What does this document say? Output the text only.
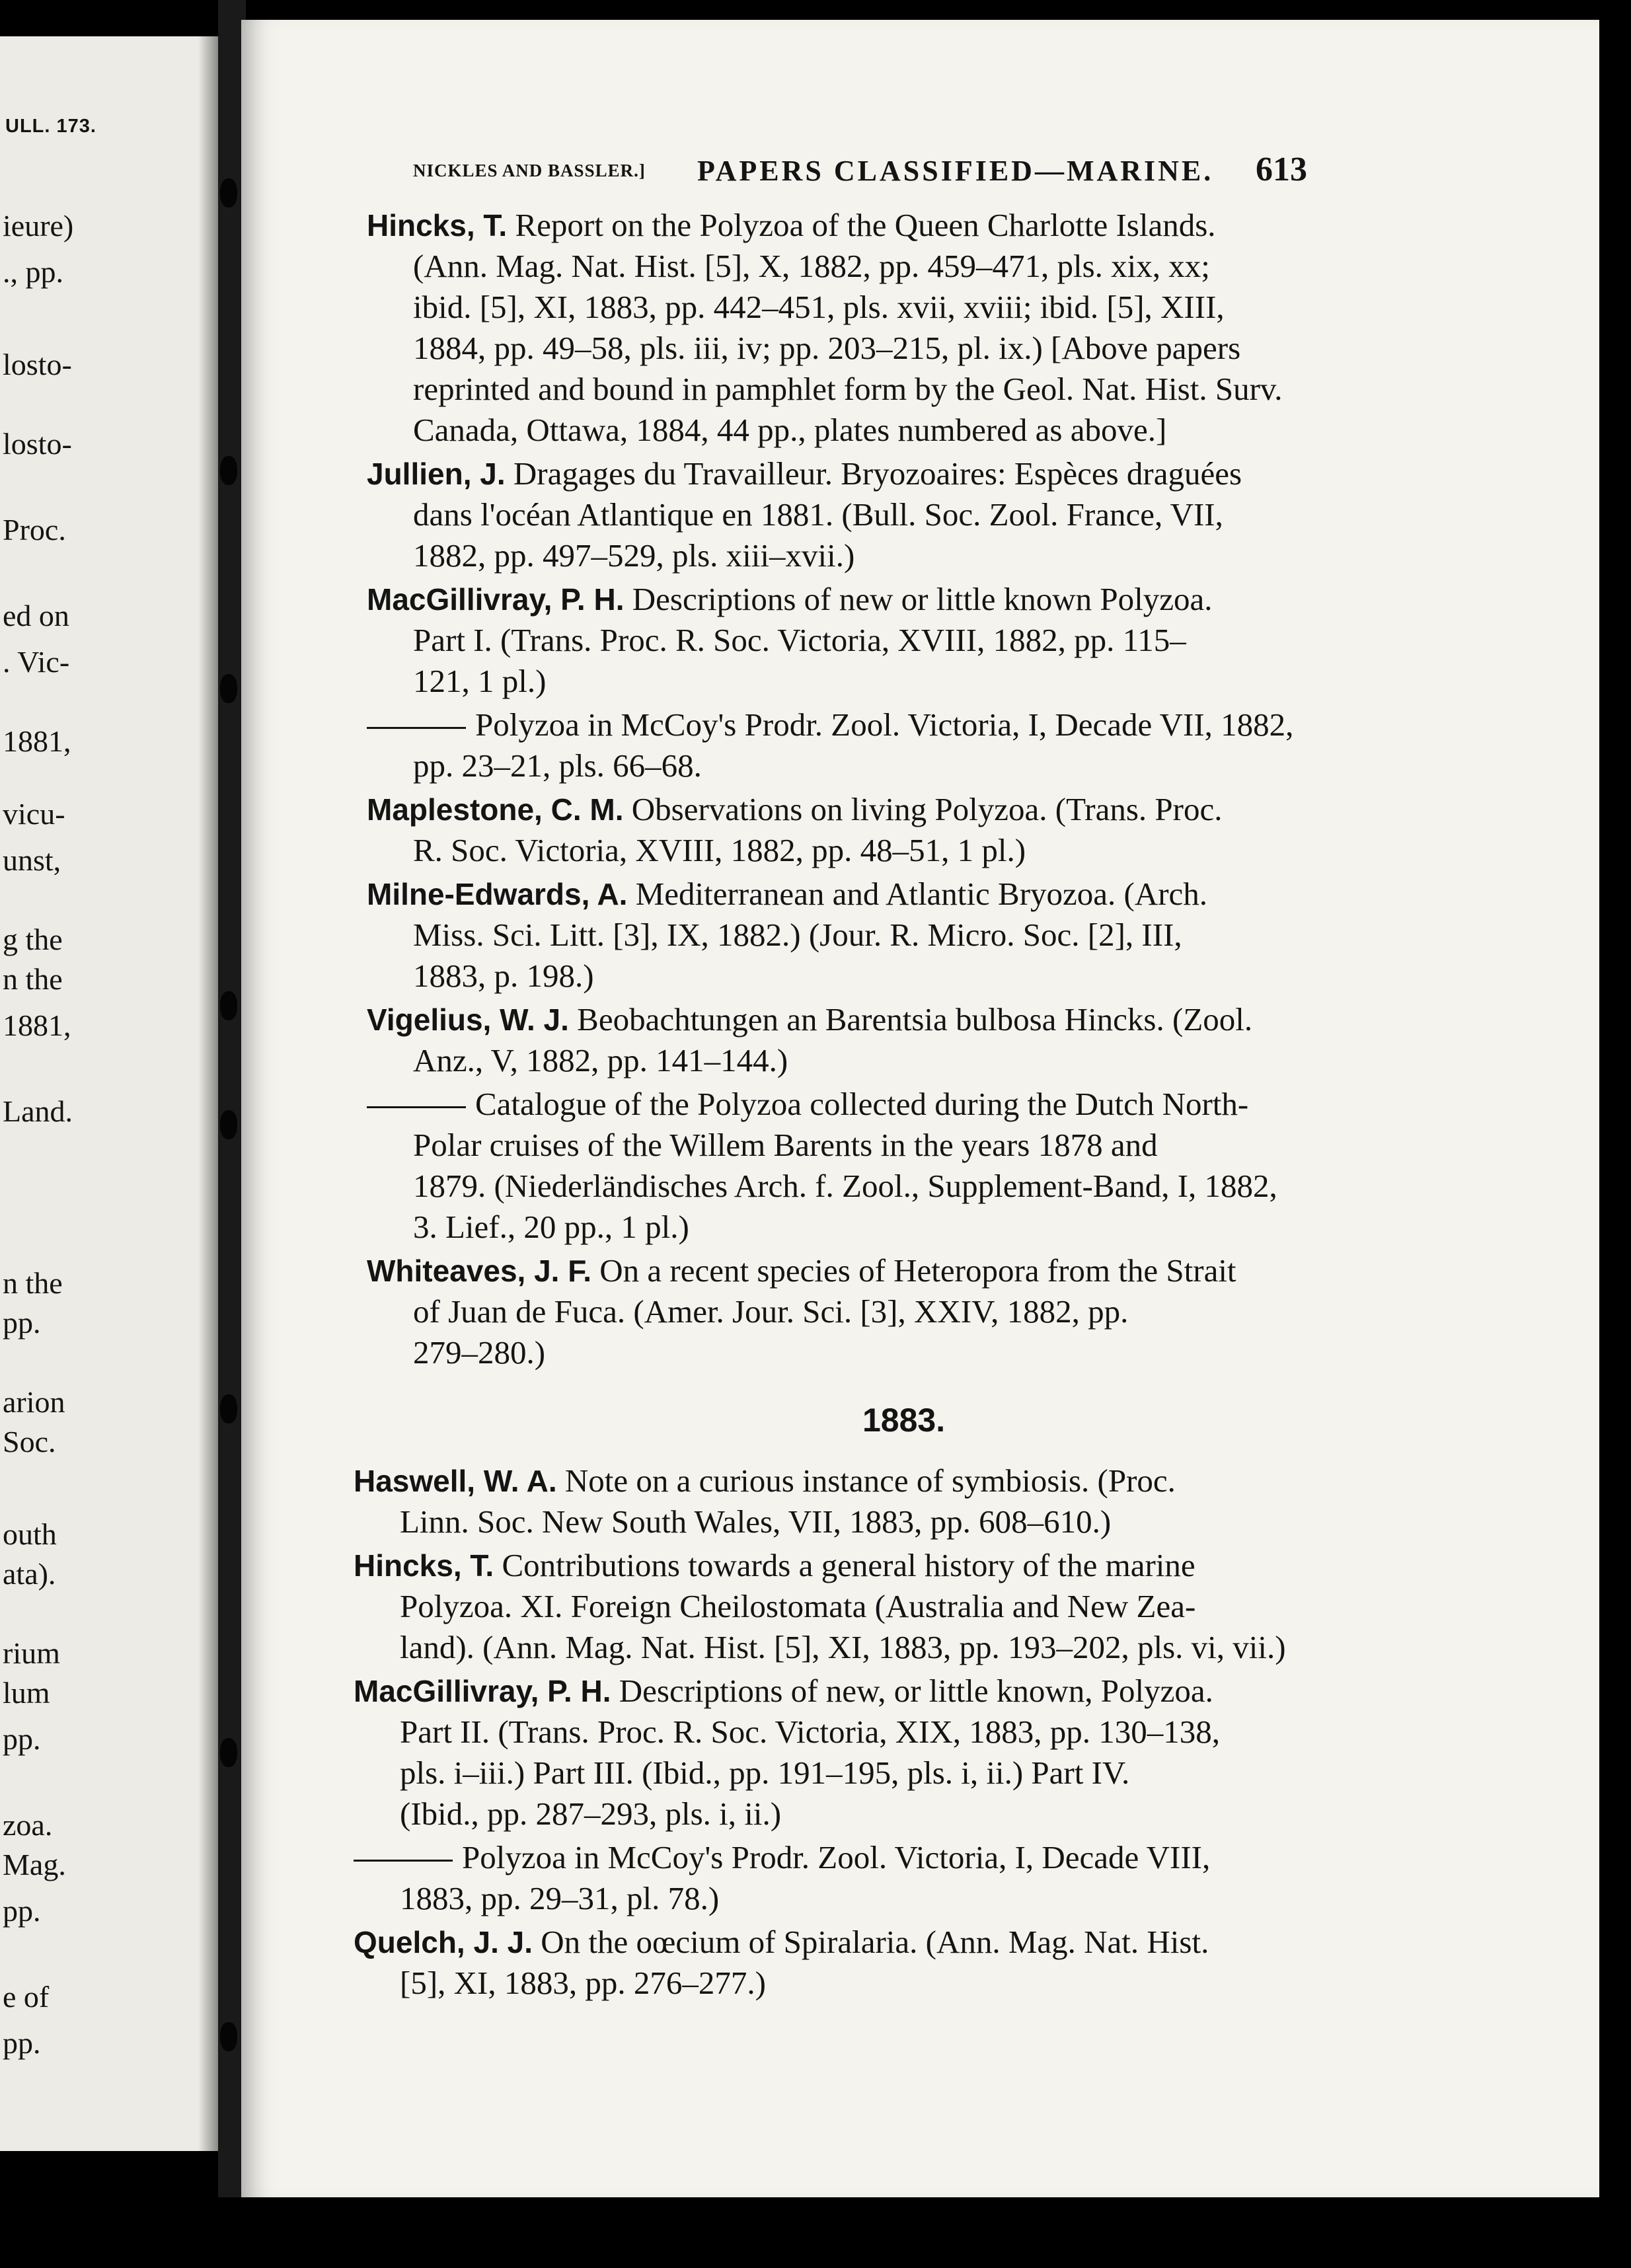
ULL. 173.
ieure)
., pp.
losto-
losto-
Proc.
ed on
. Vic-
1881,
vicu-
unst,
g the
n the
1881,
Land.
n the
pp.
arion
Soc.
outh
ata).
rium
lum
pp.
zoa.
Mag.
pp.
e of
pp.
NICKLES AND BASSLER.] PAPERS CLASSIFIED—MARINE. 613
Hincks, T. Report on the Polyzoa of the Queen Charlotte Islands.
(Ann. Mag. Nat. Hist. [5], X, 1882, pp. 459–471, pls. xix, xx;
ibid. [5], XI, 1883, pp. 442–451, pls. xvii, xviii; ibid. [5], XIII,
1884, pp. 49–58, pls. iii, iv; pp. 203–215, pl. ix.) [Above papers
reprinted and bound in pamphlet form by the Geol. Nat. Hist. Surv.
Canada, Ottawa, 1884, 44 pp., plates numbered as above.]
Jullien, J. Dragages du Travailleur. Bryozoaires: Espèces draguées
dans l'océan Atlantique en 1881. (Bull. Soc. Zool. France, VII,
1882, pp. 497–529, pls. xiii–xvii.)
MacGillivray, P. H. Descriptions of new or little known Polyzoa.
Part I. (Trans. Proc. R. Soc. Victoria, XVIII, 1882, pp. 115–
121, 1 pl.)
Polyzoa in McCoy's Prodr. Zool. Victoria, I, Decade VII, 1882,
pp. 23–21, pls. 66–68.
Maplestone, C. M. Observations on living Polyzoa. (Trans. Proc.
R. Soc. Victoria, XVIII, 1882, pp. 48–51, 1 pl.)
Milne-Edwards, A. Mediterranean and Atlantic Bryozoa. (Arch.
Miss. Sci. Litt. [3], IX, 1882.) (Jour. R. Micro. Soc. [2], III,
1883, p. 198.)
Vigelius, W. J. Beobachtungen an Barentsia bulbosa Hincks. (Zool.
Anz., V, 1882, pp. 141–144.)
Catalogue of the Polyzoa collected during the Dutch North-
Polar cruises of the Willem Barents in the years 1878 and
1879. (Niederländisches Arch. f. Zool., Supplement-Band, I, 1882,
3. Lief., 20 pp., 1 pl.)
Whiteaves, J. F. On a recent species of Heteropora from the Strait
of Juan de Fuca. (Amer. Jour. Sci. [3], XXIV, 1882, pp.
279–280.)
1883.
Haswell, W. A. Note on a curious instance of symbiosis. (Proc.
Linn. Soc. New South Wales, VII, 1883, pp. 608–610.)
Hincks, T. Contributions towards a general history of the marine
Polyzoa. XI. Foreign Cheilostomata (Australia and New Zea-
land). (Ann. Mag. Nat. Hist. [5], XI, 1883, pp. 193–202, pls. vi, vii.)
MacGillivray, P. H. Descriptions of new, or little known, Polyzoa.
Part II. (Trans. Proc. R. Soc. Victoria, XIX, 1883, pp. 130–138,
pls. i–iii.) Part III. (Ibid., pp. 191–195, pls. i, ii.) Part IV.
(Ibid., pp. 287–293, pls. i, ii.)
Polyzoa in McCoy's Prodr. Zool. Victoria, I, Decade VIII,
1883, pp. 29–31, pl. 78.)
Quelch, J. J. On the oœcium of Spiralaria. (Ann. Mag. Nat. Hist.
[5], XI, 1883, pp. 276–277.)
